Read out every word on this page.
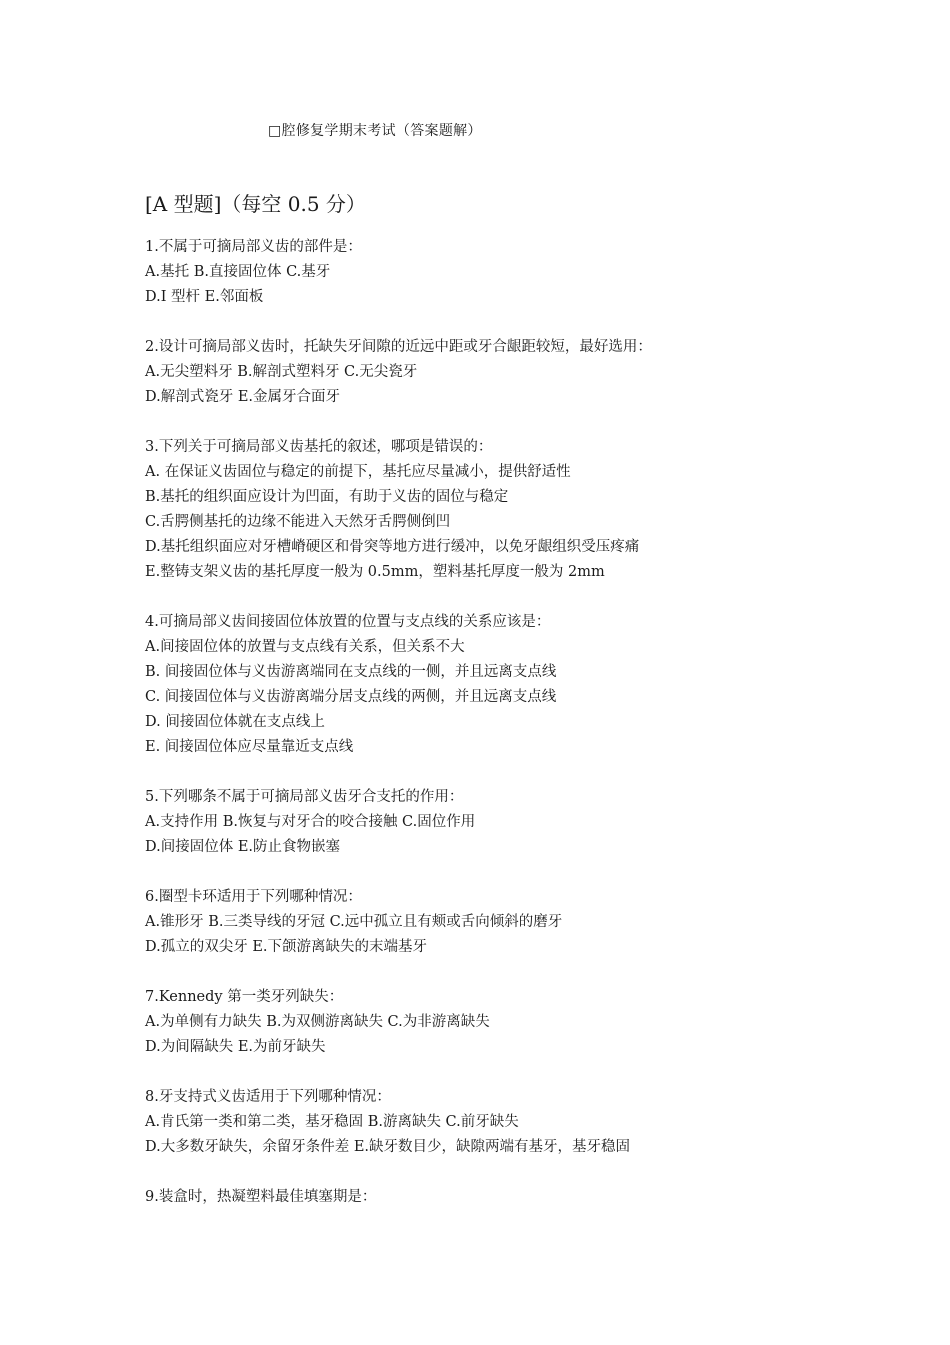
□腔修复学期末考试（答案题解）
[A 型题]（每空 0.5 分）
1.不属于可摘局部义齿的部件是：
A.基托 B.直接固位体 C.基牙
D.I 型杆 E.邻面板
2.设计可摘局部义齿时，托缺失牙间隙的近远中距或牙合龈距较短，最好选用：
A.无尖塑料牙 B.解剖式塑料牙 C.无尖瓷牙
D.解剖式瓷牙 E.金属牙合面牙
3.下列关于可摘局部义齿基托的叙述，哪项是错误的：
A. 在保证义齿固位与稳定的前提下，基托应尽量减小，提供舒适性
B.基托的组织面应设计为凹面，有助于义齿的固位与稳定
C.舌腭侧基托的边缘不能进入天然牙舌腭侧倒凹
D.基托组织面应对牙槽嵴硬区和骨突等地方进行缓冲，以免牙龈组织受压疼痛
E.整铸支架义齿的基托厚度一般为 0.5mm，塑料基托厚度一般为 2mm
4.可摘局部义齿间接固位体放置的位置与支点线的关系应该是：
A.间接固位体的放置与支点线有关系，但关系不大
B. 间接固位体与义齿游离端同在支点线的一侧，并且远离支点线
C. 间接固位体与义齿游离端分居支点线的两侧，并且远离支点线
D. 间接固位体就在支点线上
E. 间接固位体应尽量靠近支点线
5.下列哪条不属于可摘局部义齿牙合支托的作用：
A.支持作用 B.恢复与对牙合的咬合接触 C.固位作用
D.间接固位体 E.防止食物嵌塞
6.圈型卡环适用于下列哪种情况：
A.锥形牙 B.三类导线的牙冠 C.远中孤立且有颊或舌向倾斜的磨牙
D.孤立的双尖牙 E.下颌游离缺失的末端基牙
7.Kennedy 第一类牙列缺失：
A.为单侧有力缺失 B.为双侧游离缺失 C.为非游离缺失
D.为间隔缺失 E.为前牙缺失
8.牙支持式义齿适用于下列哪种情况：
A.肯氏第一类和第二类，基牙稳固 B.游离缺失 C.前牙缺失
D.大多数牙缺失，余留牙条件差 E.缺牙数目少，缺隙两端有基牙，基牙稳固
9.装盒时，热凝塑料最佳填塞期是：
